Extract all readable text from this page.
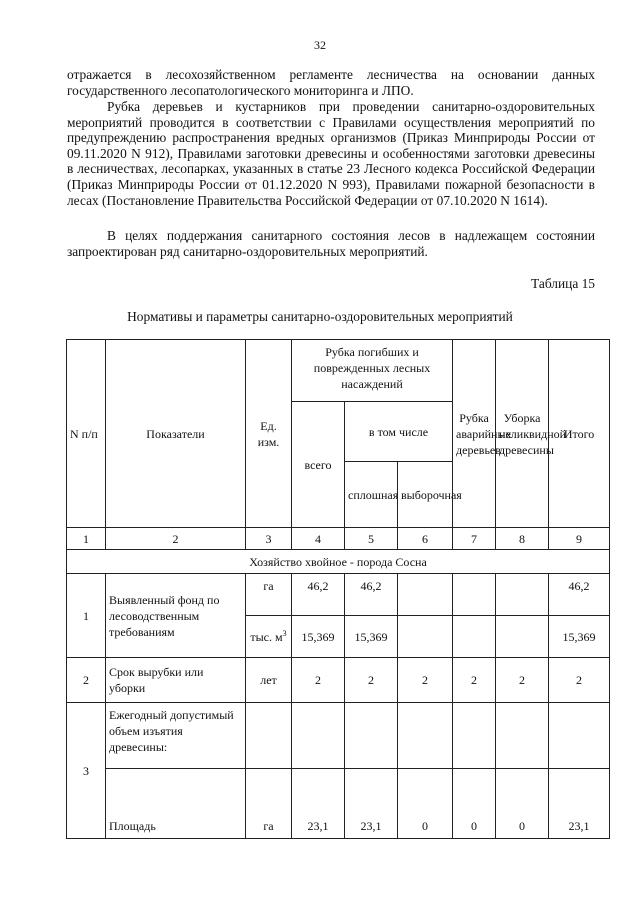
32

отражается в лесохозяйственном регламенте лесничества на основании данных государственного лесопатологического мониторинга и ЛПО.

Рубка деревьев и кустарников при проведении санитарно-оздоровительных мероприятий проводится в соответствии с Правилами осуществления мероприятий по предупреждению распространения вредных организмов (Приказ Минприроды России от 09.11.2020 N 912), Правилами заготовки древесины и особенностями заготовки древесины в лесничествах, лесопарках, указанных в статье 23 Лесного кодекса Российской Федерации (Приказ Минприроды России от 01.12.2020 N 993), Правилами пожарной безопасности в лесах (Постановление Правительства Российской Федерации от 07.10.2020 N 1614).

В целях поддержания санитарного состояния лесов в надлежащем состоянии запроектирован ряд санитарно-оздоровительных мероприятий.

Таблица 15
Нормативы и параметры санитарно-оздоровительных мероприятий
N п/п	Показатели	Ед. изм.	Рубка погибших и поврежденных лесных насаждений			Рубка аварийных деревьев	Уборка неликвидной древесины	Итого
			всего	в том числе				
				сплошная	выборочная			
1	2	3	4	5	6	7	8	9
Хозяйство хвойное - порода Сосна								
1	Выявленный фонд по лесоводственным требованиям	га	46,2	46,2				46,2
		тыс. $м^3$	15,369	15,369				15,369
2	Срок вырубки или уборки	лет	2	2	2	2	2	2
3	Ежегодный допустимый объем изъятия древесины:							
	Площадь	га	23,1	23,1	0	0	0	23,1
